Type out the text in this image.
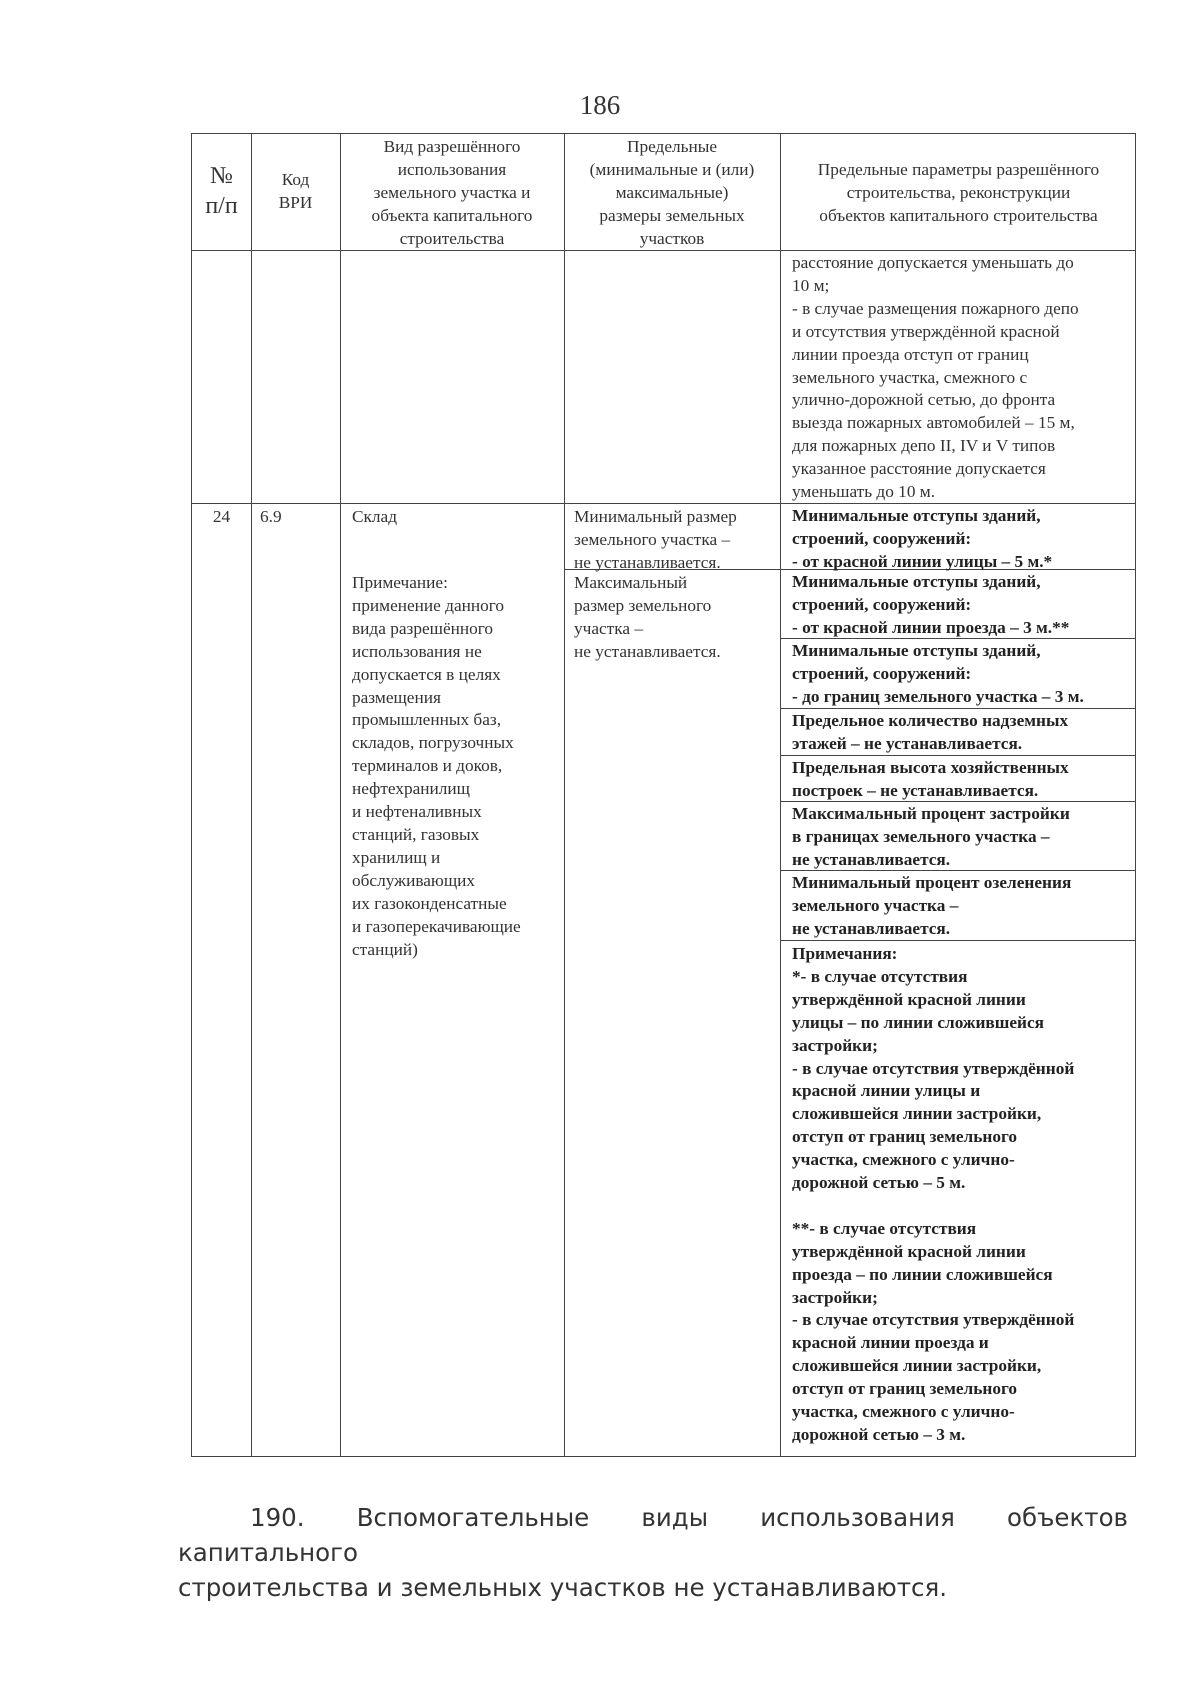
186
№
п/п
Код
ВРИ
Вид разрешённого
использования
земельного участка и
объекта капитального
строительства
Предельные
(минимальные и (или)
максимальные)
размеры земельных
участков
Предельные параметры разрешённого
строительства, реконструкции
объектов капитального строительства
расстояние допускается уменьшать до
10 м;
- в случае размещения пожарного депо
и отсутствия утверждённой красной
линии проезда отступ от границ
земельного участка, смежного с
улично-дорожной сетью, до фронта
выезда пожарных автомобилей – 15 м,
для пожарных депо II, IV и V типов
указанное расстояние допускается
уменьшать до 10 м.
24	6.9	Склад
Примечание:
применение данного
вида разрешённого
использования не
допускается в целях
размещения
промышленных баз,
складов, погрузочных
терминалов и доков,
нефтехранилищ
и нефтеналивных
станций, газовых
хранилищ и
обслуживающих
их газоконденсатные
и газоперекачивающие
станций)
Минимальный размер
земельного участка –
не устанавливается.
Максимальный
размер земельного
участка –
не устанавливается.
Минимальные отступы зданий,
строений, сооружений:
- от красной линии улицы – 5 м.*
Минимальные отступы зданий,
строений, сооружений:
- от красной линии проезда – 3 м.**
Минимальные отступы зданий,
строений, сооружений:
- до границ земельного участка – 3 м.
Предельное количество надземных
этажей – не устанавливается.
Предельная высота хозяйственных
построек – не устанавливается.
Максимальный процент застройки
в границах земельного участка –
не устанавливается.
Минимальный процент озеленения
земельного участка –
не устанавливается.
Примечания:
*- в случае отсутствия
утверждённой красной линии
улицы – по линии сложившейся
застройки;
- в случае отсутствия утверждённой
красной линии улицы и
сложившейся линии застройки,
отступ от границ земельного
участка, смежного с улично-
дорожной сетью – 5 м.
**- в случае отсутствия
утверждённой красной линии
проезда – по линии сложившейся
застройки;
- в случае отсутствия утверждённой
красной линии проезда и
сложившейся линии застройки,
отступ от границ земельного
участка, смежного с улично-
дорожной сетью – 3 м.
190. Вспомогательные виды использования объектов капитального
строительства и земельных участков не устанавливаются.
